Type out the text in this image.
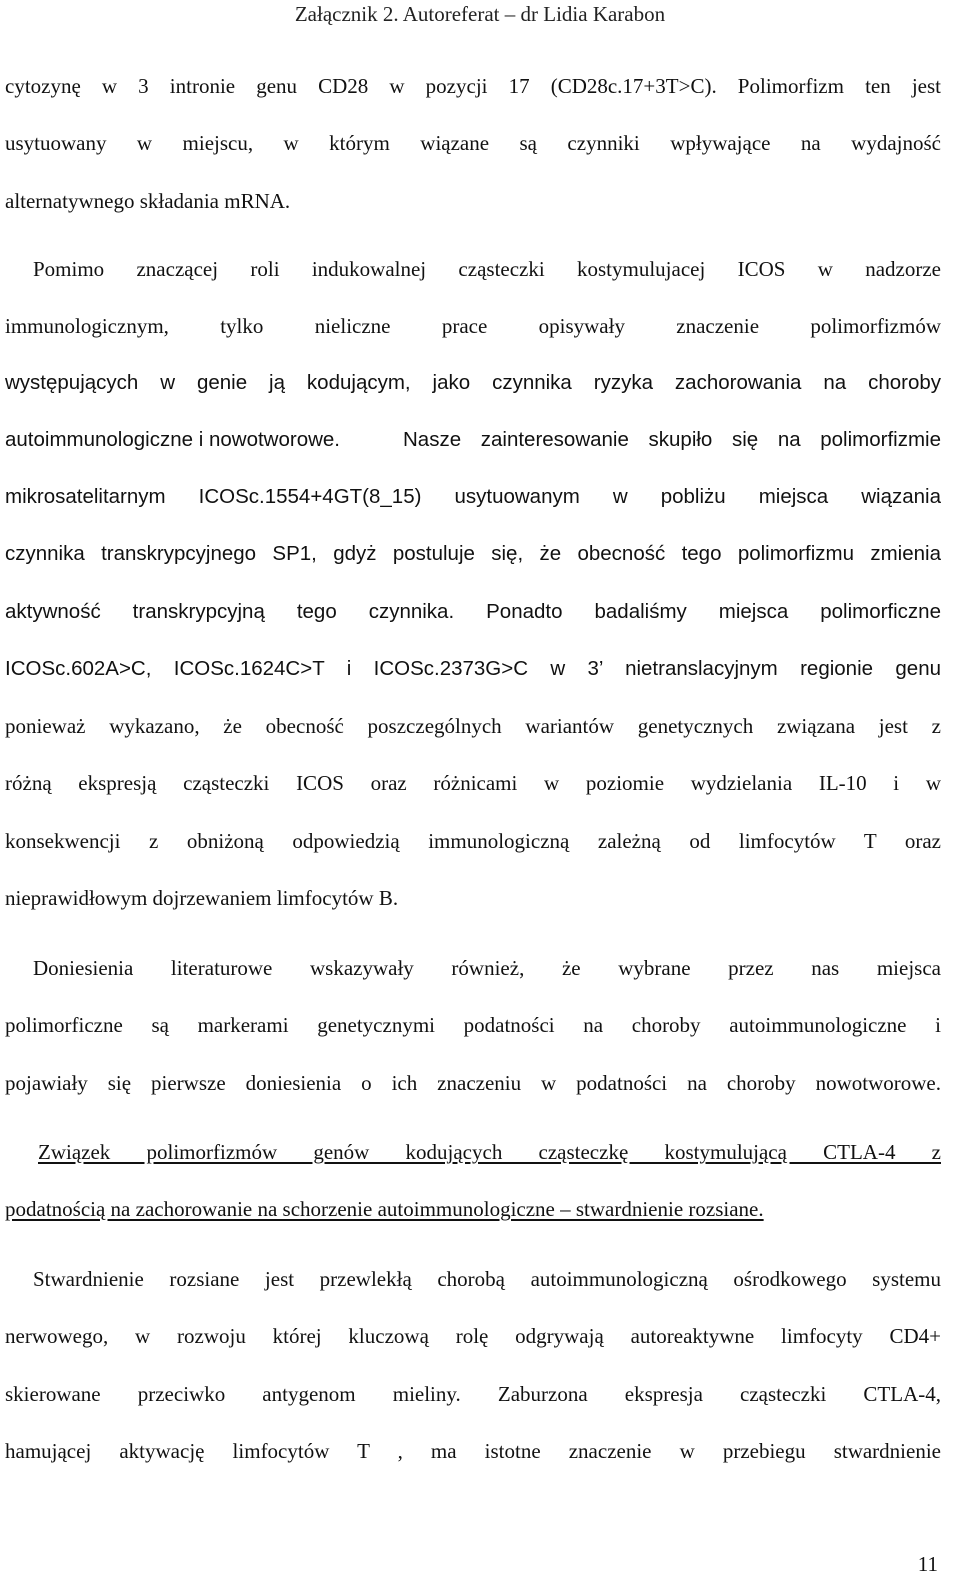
Załącznik 2. Autoreferat – dr Lidia Karabon
cytozynę w 3 intronie genu CD28 w pozycji 17 (CD28c.17+3T>C). Polimorfizm ten jest
usytuowany w miejscu, w którym wiązane są czynniki wpływające na wydajność
alternatywnego składania mRNA.
Pomimo znaczącej roli indukowalnej cząsteczki kostymulujacej ICOS w nadzorze
immunologicznym, tylko nieliczne prace opisywały znaczenie polimorfizmów
występujących w genie ją kodującym, jako czynnika ryzyka zachorowania na choroby
autoimmunologiczne i nowotworowe.	Nasze zainteresowanie skupiło się na polimorfizmie
mikrosatelitarnym ICOSc.1554+4GT(8_15) usytuowanym w pobliżu miejsca wiązania
czynnika transkrypcyjnego SP1, gdyż postuluje się, że obecność tego polimorfizmu zmienia
aktywność transkrypcyjną tego czynnika. Ponadto badaliśmy miejsca polimorficzne
ICOSc.602A>C, ICOSc.1624C>T i ICOSc.2373G>C w 3’ nietranslacyjnym regionie genu
ponieważ wykazano, że obecność poszczególnych wariantów genetycznych związana jest z
różną ekspresją cząsteczki ICOS oraz różnicami w poziomie wydzielania IL-10 i w
konsekwencji z obniżoną odpowiedzią immunologiczną zależną od limfocytów T oraz
nieprawidłowym dojrzewaniem limfocytów B.
Doniesienia literaturowe wskazywały również, że wybrane przez nas miejsca
polimorficzne są markerami genetycznymi podatności na choroby autoimmunologiczne i
pojawiały się pierwsze doniesienia o ich znaczeniu w podatności na choroby nowotworowe.
Związek polimorfizmów genów kodujących cząsteczkę kostymulującą CTLA-4 z
podatnością na zachorowanie na schorzenie autoimmunologiczne – stwardnienie rozsiane.
Stwardnienie rozsiane jest przewlekłą chorobą autoimmunologiczną ośrodkowego systemu
nerwowego, w rozwoju której kluczową rolę odgrywają autoreaktywne limfocyty CD4+
skierowane przeciwko antygenom mieliny. Zaburzona ekspresja cząsteczki CTLA-4,
hamującej aktywację limfocytów T , ma istotne znaczenie w przebiegu stwardnienie
11
